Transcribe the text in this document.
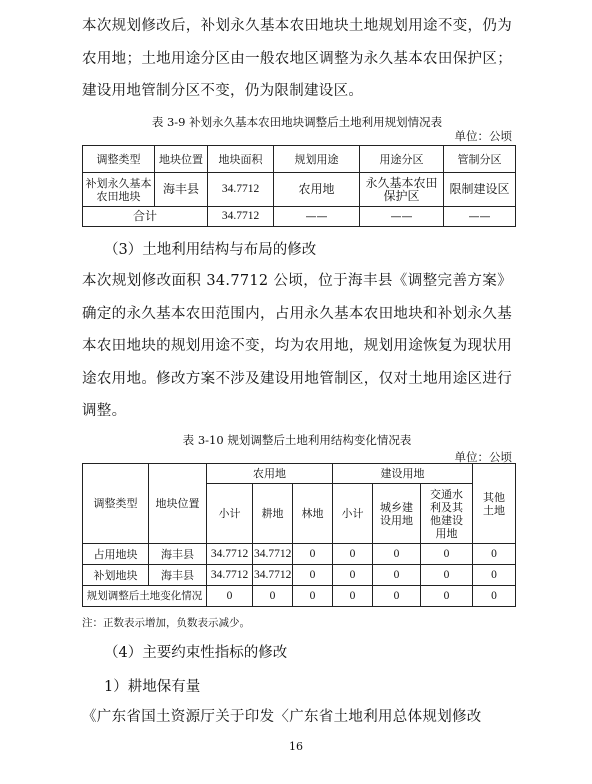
本次规划修改后，补划永久基本农田地块土地规划用途不变，仍为农用地；土地用途分区由一般农地区调整为永久基本农田保护区；建设用地管制分区不变，仍为限制建设区。

表 3-9 补划永久基本农田地块调整后土地利用规划情况表

单位：公顷

调整类型	地块位置	地块面积	规划用途	用途分区	管制分区
补划永久基本农田地块	海丰县	34.7712	农用地	永久基本农田保护区	限制建设区
合计		34.7712	——	——	——

（3）土地利用结构与布局的修改

本次规划修改面积 34.7712 公顷，位于海丰县《调整完善方案》确定的永久基本农田范围内，占用永久基本农田地块和补划永久基本农田地块的规划用途不变，均为农用地，规划用途恢复为现状用途农用地。修改方案不涉及建设用地管制区，仅对土地用途区进行调整。

表 3-10 规划调整后土地利用结构变化情况表

单位：公顷

调整类型	地块位置	农用地			建设用地			其他土地
		小计	耕地	林地	小计	城乡建设用地	交通水利及其他建设用地	
占用地块	海丰县	34.7712	34.7712	0	0	0	0	0
补划地块	海丰县	34.7712	34.7712	0	0	0	0	0
规划调整后土地变化情况		0	0	0	0	0	0	0

注：正数表示增加，负数表示减少。

（4）主要约束性指标的修改

1）耕地保有量

《广东省国土资源厅关于印发〈广东省土地利用总体规划修改

16
